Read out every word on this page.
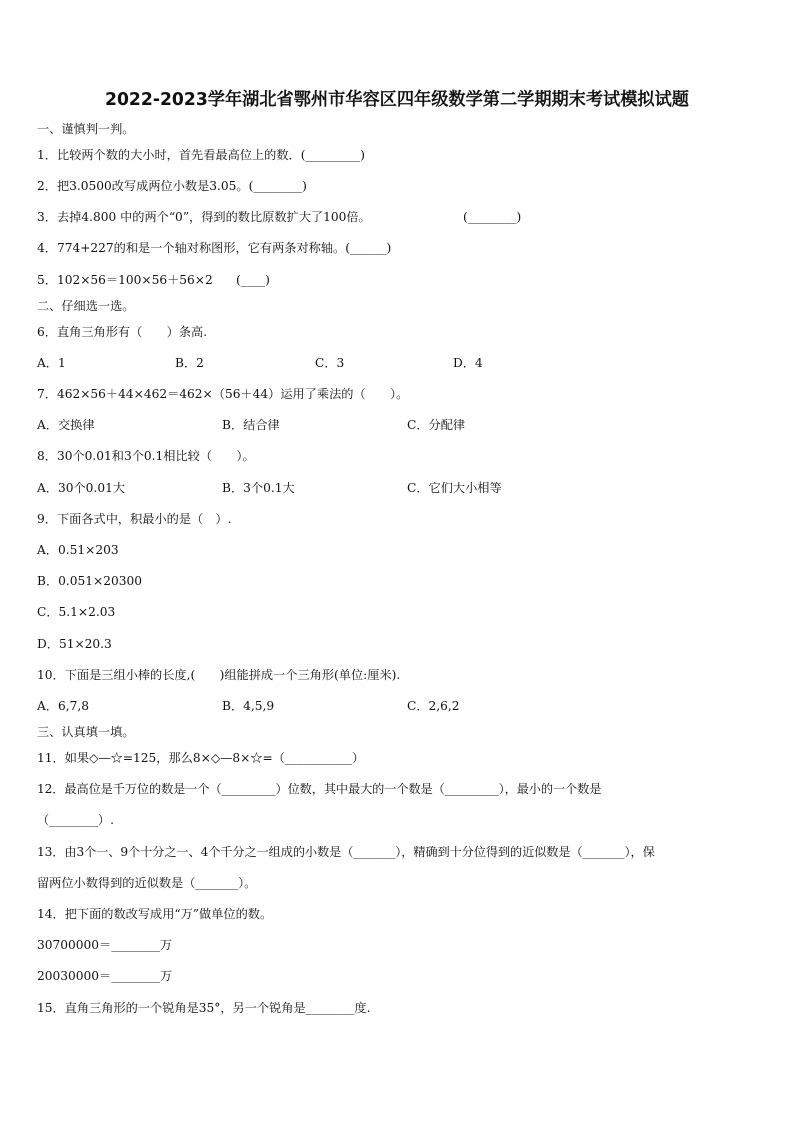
2022-2023学年湖北省鄂州市华容区四年级数学第二学期期末考试模拟试题
一、谨慎判一判。
1．比较两个数的大小时，首先看最高位上的数．(_________)
2．把3.0500改写成两位小数是3.05。(________)
3．去掉4.800 中的两个“0”，得到的数比原数扩大了100倍。	(________)
4．774+227的和是一个轴对称图形，它有两条对称轴。(______)
5．102×56＝100×56＋56×2 (____)
二、仔细选一选。
6．直角三角形有（　　）条高.
A．1	B．2	C．3	D．4
7．462×56＋44×462＝462×（56＋44）运用了乘法的（　　）。
A．交换律	B．结合律	C．分配律
8．30个0.01和3个0.1相比较（　　）。
A．30个0.01大	B．3个0.1大	C．它们大小相等
9．下面各式中，积最小的是（　）.
A．0.51×203
B．0.051×20300
C．5.1×2.03
D．51×20.3
10．下面是三组小棒的长度,(　　)组能拼成一个三角形(单位:厘米).
A．6,7,8	B．4,5,9	C．2,6,2
三、认真填一填。
11．如果◇—☆=125，那么8×◇—8×☆=（___________）
12．最高位是千万位的数是一个（_________）位数，其中最大的一个数是（_________），最小的一个数是
（________）.
13．由3个一、9个十分之一、4个千分之一组成的小数是（_______），精确到十分位得到的近似数是（_______），保
留两位小数得到的近似数是（_______）。
14．把下面的数改写成用“万”做单位的数。
30700000＝________万
20030000＝________万
15．直角三角形的一个锐角是35°，另一个锐角是________度.
